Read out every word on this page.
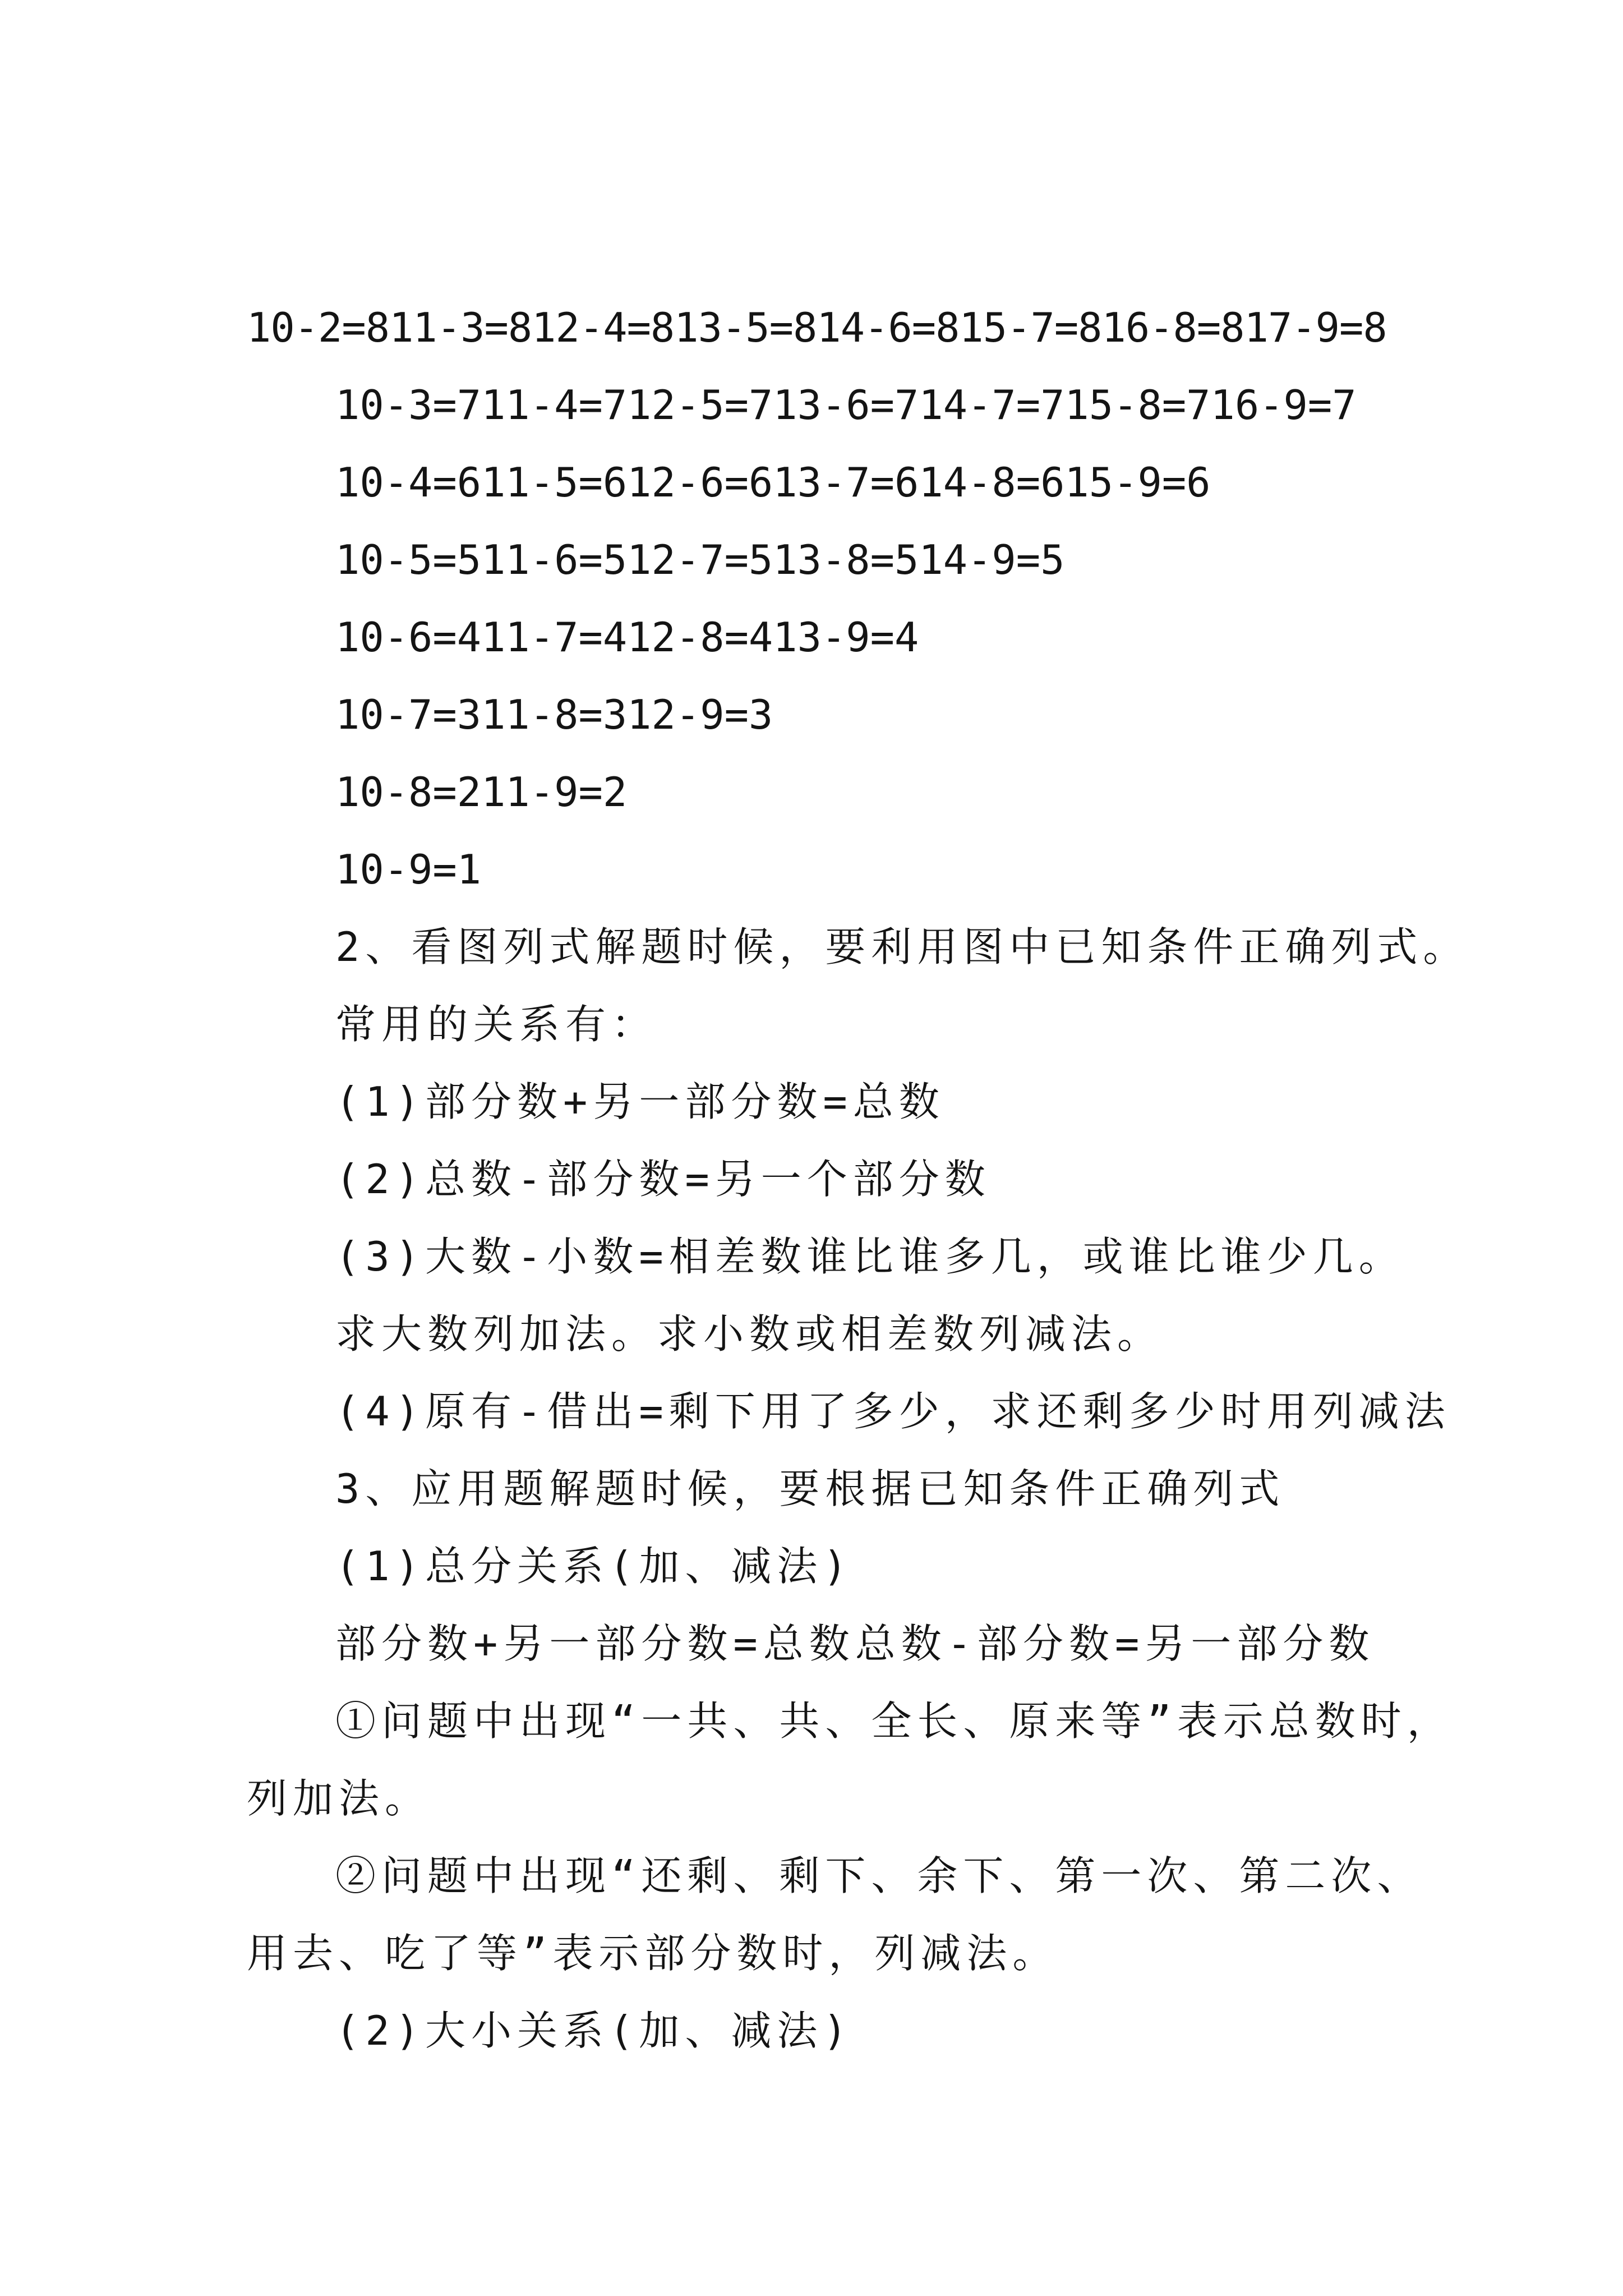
10-2=811-3=812-4=813-5=814-6=815-7=816-8=817-9=8

10-3=711-4=712-5=713-6=714-7=715-8=716-9=7

10-4=611-5=612-6=613-7=614-8=615-9=6

10-5=511-6=512-7=513-8=514-9=5

10-6=411-7=412-8=413-9=4

10-7=311-8=312-9=3

10-8=211-9=2

10-9=1

2、看图列式解题时候，要利用图中已知条件正确列式。

常用的关系有：

(1)部分数+另一部分数=总数

(2)总数-部分数=另一个部分数

(3)大数-小数=相差数谁比谁多几，或谁比谁少几。

求大数列加法。求小数或相差数列减法。

(4)原有-借出=剩下用了多少，求还剩多少时用列减法

3、应用题解题时候，要根据已知条件正确列式

(1)总分关系(加、减法)

部分数+另一部分数=总数总数-部分数=另一部分数

①问题中出现“一共、共、全长、原来等”表示总数时，

列加法。

②问题中出现“还剩、剩下、余下、第一次、第二次、

用去、吃了等”表示部分数时，列减法。

(2)大小关系(加、减法)
